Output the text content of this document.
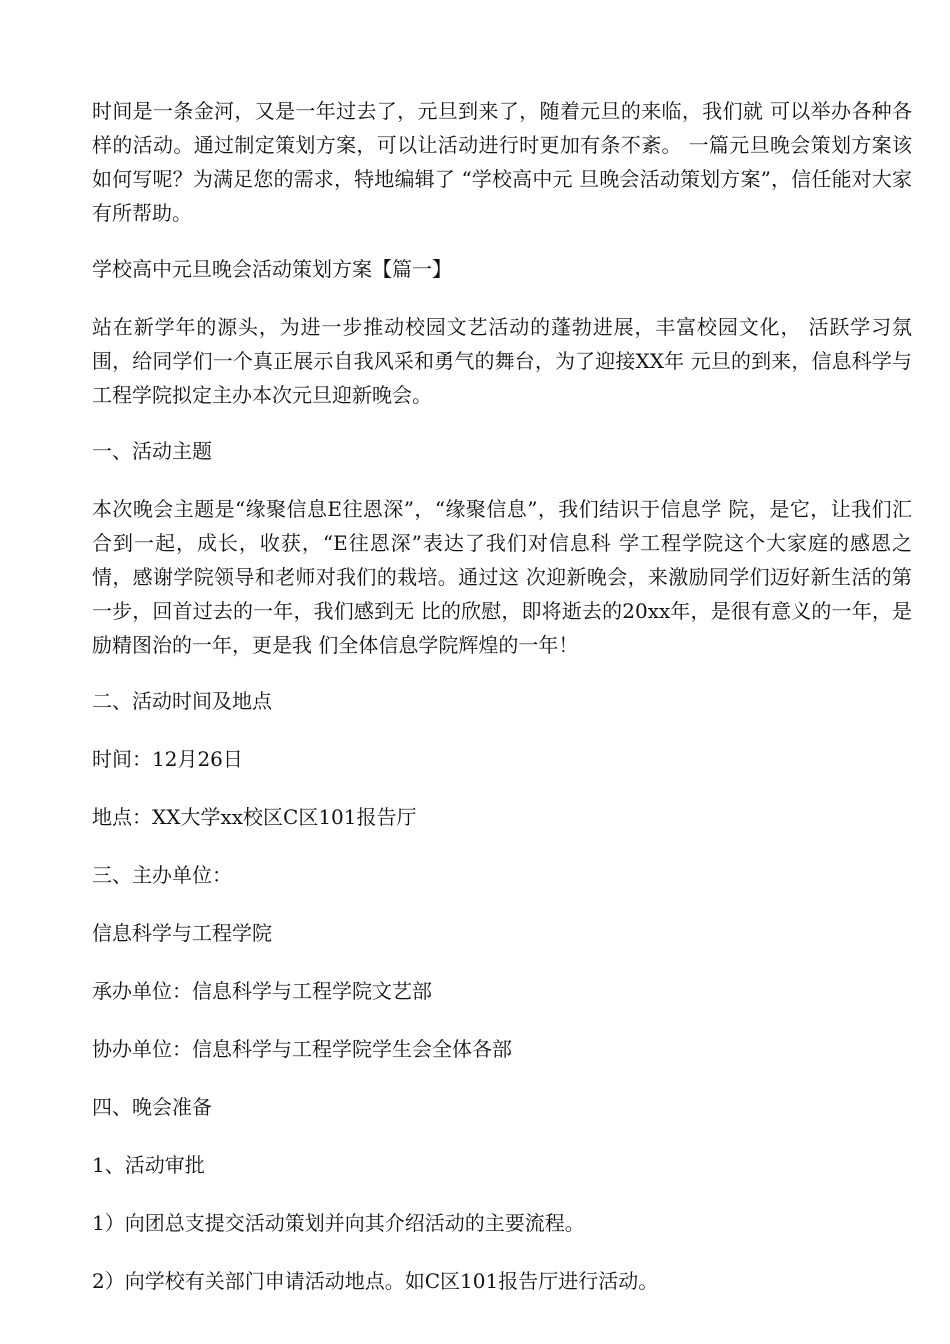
时间是一条金河，又是一年过去了，元旦到来了，随着元旦的来临，我们就 可以举办各种各样的活动。通过制定策划方案，可以让活动进行时更加有条不紊。 一篇元旦晚会策划方案该如何写呢？为满足您的需求，特地编辑了 “学校高中元 旦晚会活动策划方案”，信任能对大家有所帮助。

学校高中元旦晚会活动策划方案【篇一】

站在新学年的源头，为进一步推动校园文艺活动的蓬勃进展，丰富校园文化， 活跃学习氛围，给同学们一个真正展示自我风采和勇气的舞台，为了迎接XX年 元旦的到来，信息科学与工程学院拟定主办本次元旦迎新晚会。

一、活动主题

本次晚会主题是“缘聚信息E往恩深”，“缘聚信息”，我们结识于信息学 院，是它，让我们汇合到一起，成长，收获，“E往恩深”表达了我们对信息科 学工程学院这个大家庭的感恩之情，感谢学院领导和老师对我们的栽培。通过这 次迎新晚会，来激励同学们迈好新生活的第一步，回首过去的一年，我们感到无 比的欣慰，即将逝去的20xx年，是很有意义的一年，是励精图治的一年，更是我 们全体信息学院辉煌的一年！

二、活动时间及地点

时间：12月26日

地点：XX大学xx校区C区101报告厅

三、主办单位：

信息科学与工程学院

承办单位：信息科学与工程学院文艺部

协办单位：信息科学与工程学院学生会全体各部

四、晚会准备

1、活动审批

1）向团总支提交活动策划并向其介绍活动的主要流程。

2）向学校有关部门申请活动地点。如C区101报告厅进行活动。
